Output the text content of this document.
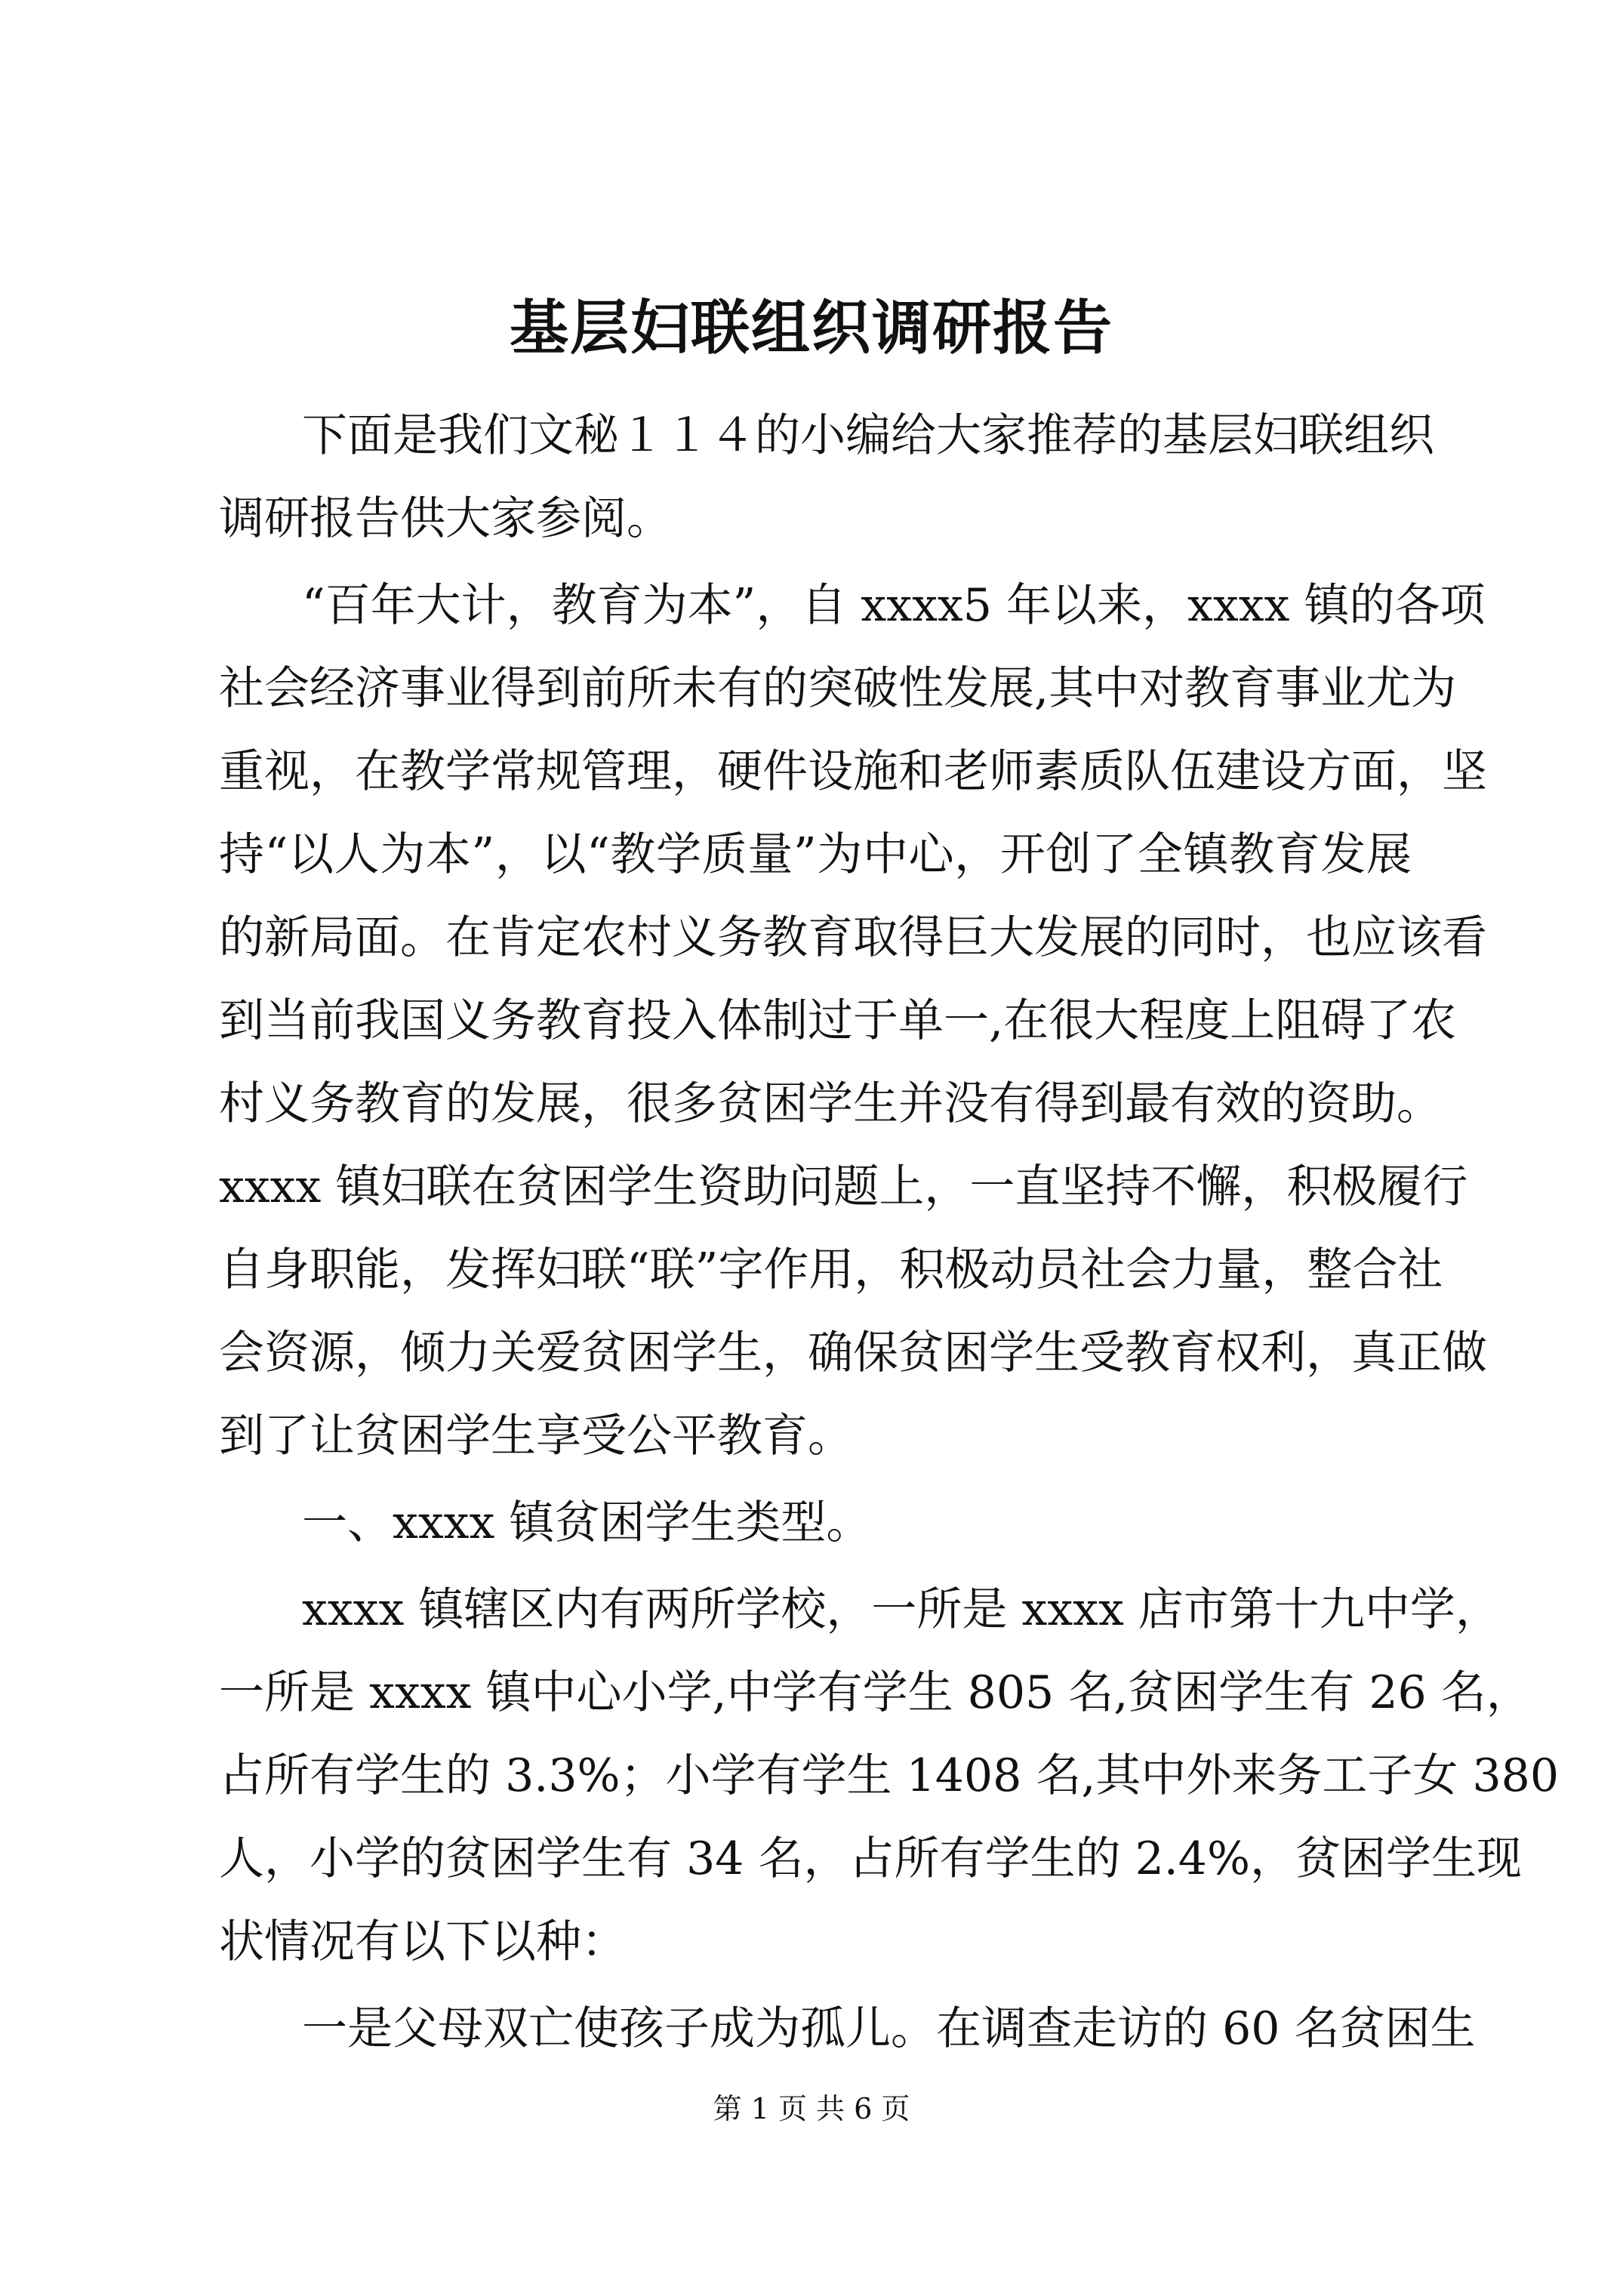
基层妇联组织调研报告
下面是我们文秘１１４的小编给大家推荐的基层妇联组织
调研报告供大家参阅。
“百年大计，教育为本”，自 xxxx5 年以来，xxxx 镇的各项
社会经济事业得到前所未有的突破性发展,其中对教育事业尤为
重视，在教学常规管理，硬件设施和老师素质队伍建设方面，坚
持“以人为本”，以“教学质量”为中心，开创了全镇教育发展
的新局面。在肯定农村义务教育取得巨大发展的同时，也应该看
到当前我国义务教育投入体制过于单一,在很大程度上阻碍了农
村义务教育的发展，很多贫困学生并没有得到最有效的资助。
xxxx 镇妇联在贫困学生资助问题上，一直坚持不懈，积极履行
自身职能，发挥妇联“联”字作用，积极动员社会力量，整合社
会资源，倾力关爱贫困学生，确保贫困学生受教育权利，真正做
到了让贫困学生享受公平教育。
一、xxxx 镇贫困学生类型。
xxxx 镇辖区内有两所学校，一所是 xxxx 店市第十九中学，
一所是 xxxx 镇中心小学,中学有学生 805 名,贫困学生有 26 名，
占所有学生的 3.3%；小学有学生 1408 名,其中外来务工子女 380
人，小学的贫困学生有 34 名，占所有学生的 2.4%，贫困学生现
状情况有以下以种：
一是父母双亡使孩子成为孤儿。在调查走访的 60 名贫困生
第 1 页 共 6 页
